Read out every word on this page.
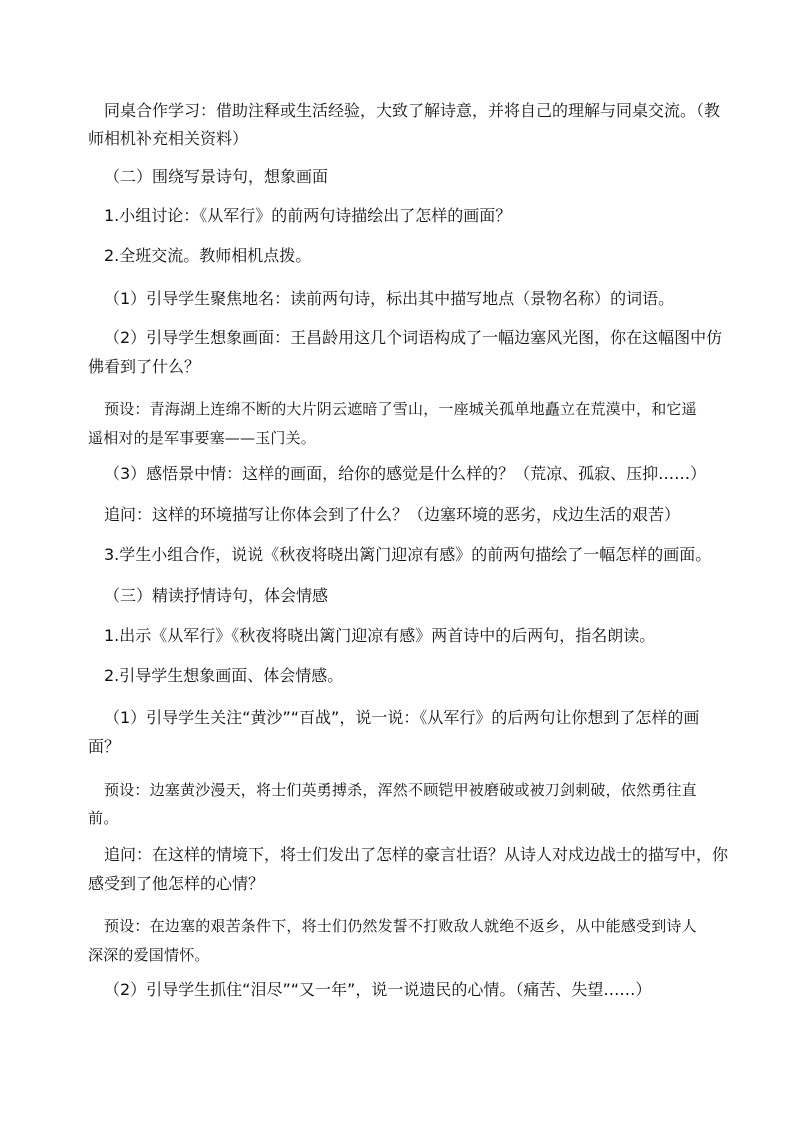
同桌合作学习：借助注释或生活经验，大致了解诗意，并将自己的理解与同桌交流。（教
师相机补充相关资料）
（二）围绕写景诗句，想象画面
1.小组讨论：《从军行》的前两句诗描绘出了怎样的画面？
2.全班交流。教师相机点拨。
（1）引导学生聚焦地名：读前两句诗，标出其中描写地点（景物名称）的词语。
（2）引导学生想象画面：王昌龄用这几个词语构成了一幅边塞风光图，你在这幅图中仿
佛看到了什么？
预设：青海湖上连绵不断的大片阴云遮暗了雪山，一座城关孤单地矗立在荒漠中，和它遥
遥相对的是军事要塞——玉门关。
（3）感悟景中情：这样的画面，给你的感觉是什么样的？（荒凉、孤寂、压抑……）
追问：这样的环境描写让你体会到了什么？（边塞环境的恶劣，戍边生活的艰苦）
3.学生小组合作，说说《秋夜将晓出篱门迎凉有感》的前两句描绘了一幅怎样的画面。
（三）精读抒情诗句，体会情感
1.出示《从军行》《秋夜将晓出篱门迎凉有感》两首诗中的后两句，指名朗读。
2.引导学生想象画面、体会情感。
（1）引导学生关注“黄沙”“百战”，说一说：《从军行》的后两句让你想到了怎样的画
面？
预设：边塞黄沙漫天，将士们英勇搏杀，浑然不顾铠甲被磨破或被刀剑刺破，依然勇往直
前。
追问：在这样的情境下，将士们发出了怎样的豪言壮语？从诗人对戍边战士的描写中，你
感受到了他怎样的心情？
预设：在边塞的艰苦条件下，将士们仍然发誓不打败敌人就绝不返乡，从中能感受到诗人
深深的爱国情怀。
（2）引导学生抓住“泪尽”“又一年”，说一说遗民的心情。（痛苦、失望……）
